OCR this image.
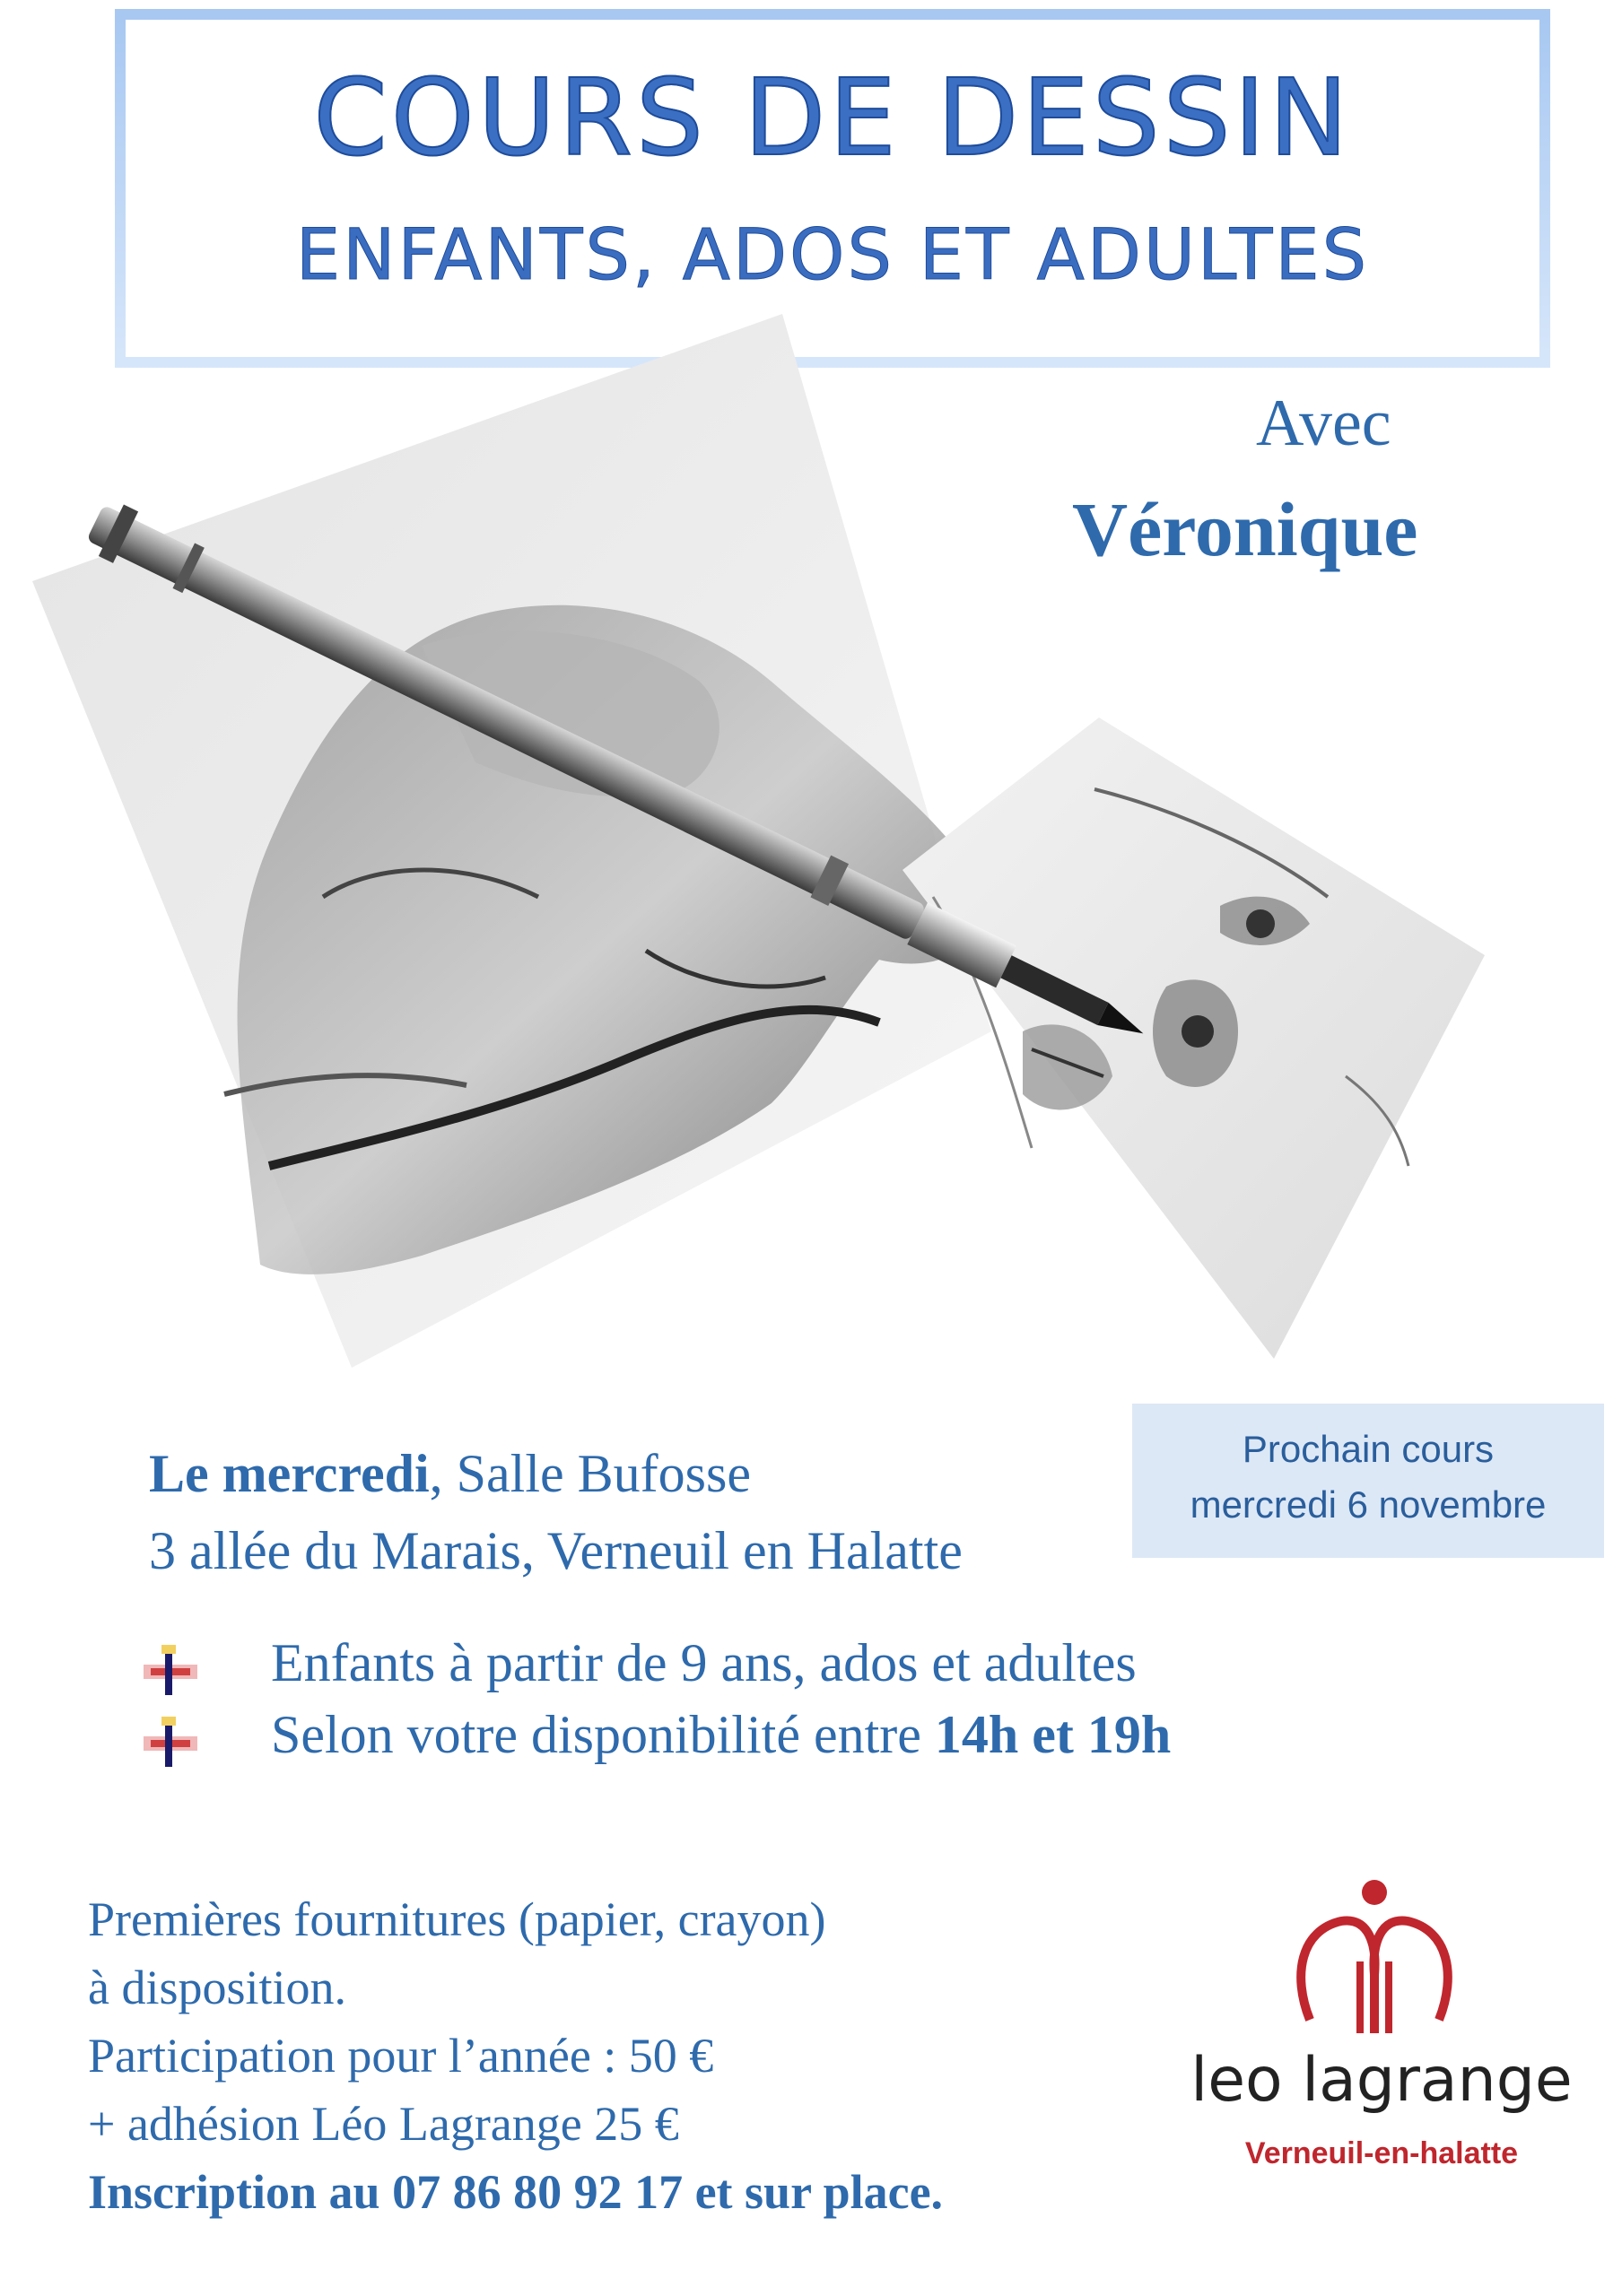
COURS DE DESSIN
ENFANTS, ADOS ET ADULTES
Avec
Véronique
Le mercredi, Salle Bufosse
3 allée du Marais, Verneuil en Halatte
Prochain cours
mercredi 6 novembre
Enfants à partir de 9 ans, ados et adultes
Selon votre disponibilité entre 14h et 19h
Premières fournitures (papier, crayon)
à disposition.
Participation pour l’année : 50 €
+ adhésion Léo Lagrange 25 €
Inscription au 07 86 80 92 17 et sur place.
leo lagrange
Verneuil-en-halatte
